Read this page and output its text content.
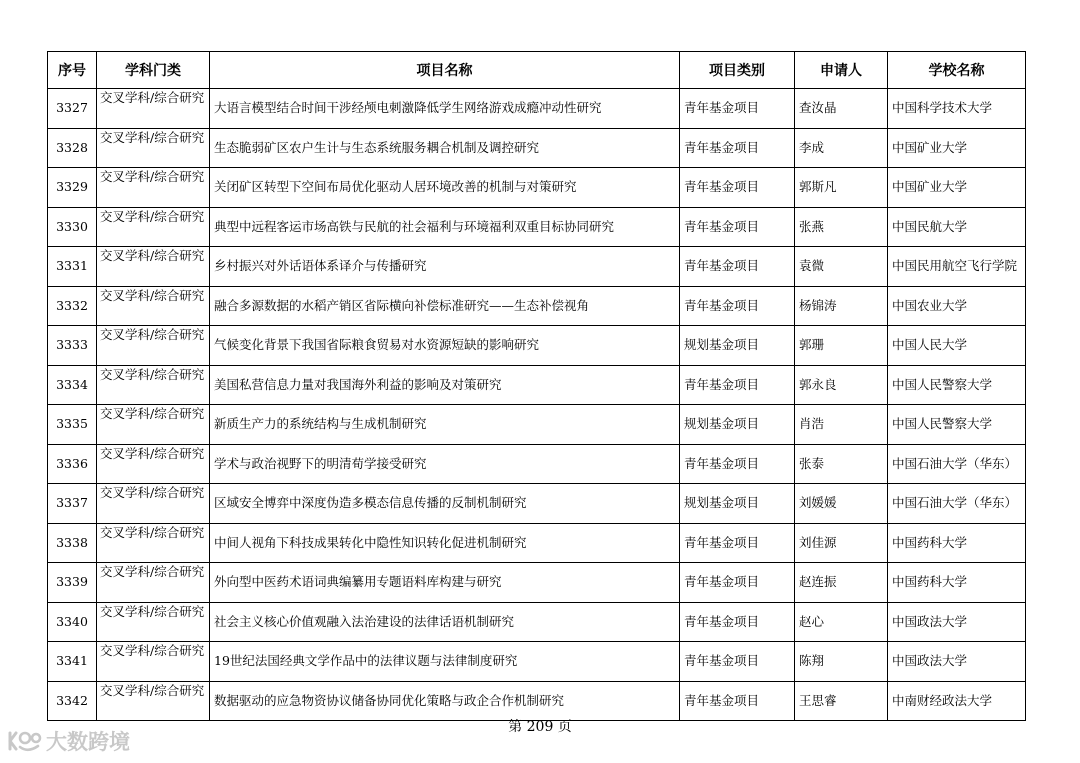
序号	学科门类	项目名称	项目类别	申请人	学校名称
3327	交叉学科/综合研究	大语言模型结合时间干涉经颅电刺激降低学生网络游戏成瘾冲动性研究	青年基金项目	查汝晶	中国科学技术大学
3328	交叉学科/综合研究	生态脆弱矿区农户生计与生态系统服务耦合机制及调控研究	青年基金项目	李成	中国矿业大学
3329	交叉学科/综合研究	关闭矿区转型下空间布局优化驱动人居环境改善的机制与对策研究	青年基金项目	郭斯凡	中国矿业大学
3330	交叉学科/综合研究	典型中远程客运市场高铁与民航的社会福利与环境福利双重目标协同研究	青年基金项目	张燕	中国民航大学
3331	交叉学科/综合研究	乡村振兴对外话语体系译介与传播研究	青年基金项目	袁微	中国民用航空飞行学院
3332	交叉学科/综合研究	融合多源数据的水稻产销区省际横向补偿标准研究——生态补偿视角	青年基金项目	杨锦涛	中国农业大学
3333	交叉学科/综合研究	气候变化背景下我国省际粮食贸易对水资源短缺的影响研究	规划基金项目	郭珊	中国人民大学
3334	交叉学科/综合研究	美国私营信息力量对我国海外利益的影响及对策研究	青年基金项目	郭永良	中国人民警察大学
3335	交叉学科/综合研究	新质生产力的系统结构与生成机制研究	规划基金项目	肖浩	中国人民警察大学
3336	交叉学科/综合研究	学术与政治视野下的明清荀学接受研究	青年基金项目	张泰	中国石油大学（华东）
3337	交叉学科/综合研究	区域安全博弈中深度伪造多模态信息传播的反制机制研究	规划基金项目	刘媛媛	中国石油大学（华东）
3338	交叉学科/综合研究	中间人视角下科技成果转化中隐性知识转化促进机制研究	青年基金项目	刘佳源	中国药科大学
3339	交叉学科/综合研究	外向型中医药术语词典编纂用专题语料库构建与研究	青年基金项目	赵连振	中国药科大学
3340	交叉学科/综合研究	社会主义核心价值观融入法治建设的法律话语机制研究	青年基金项目	赵心	中国政法大学
3341	交叉学科/综合研究	19世纪法国经典文学作品中的法律议题与法律制度研究	青年基金项目	陈翔	中国政法大学
3342	交叉学科/综合研究	数据驱动的应急物资协议储备协同优化策略与政企合作机制研究	青年基金项目	王思睿	中南财经政法大学
第 209 页
大数跨境
